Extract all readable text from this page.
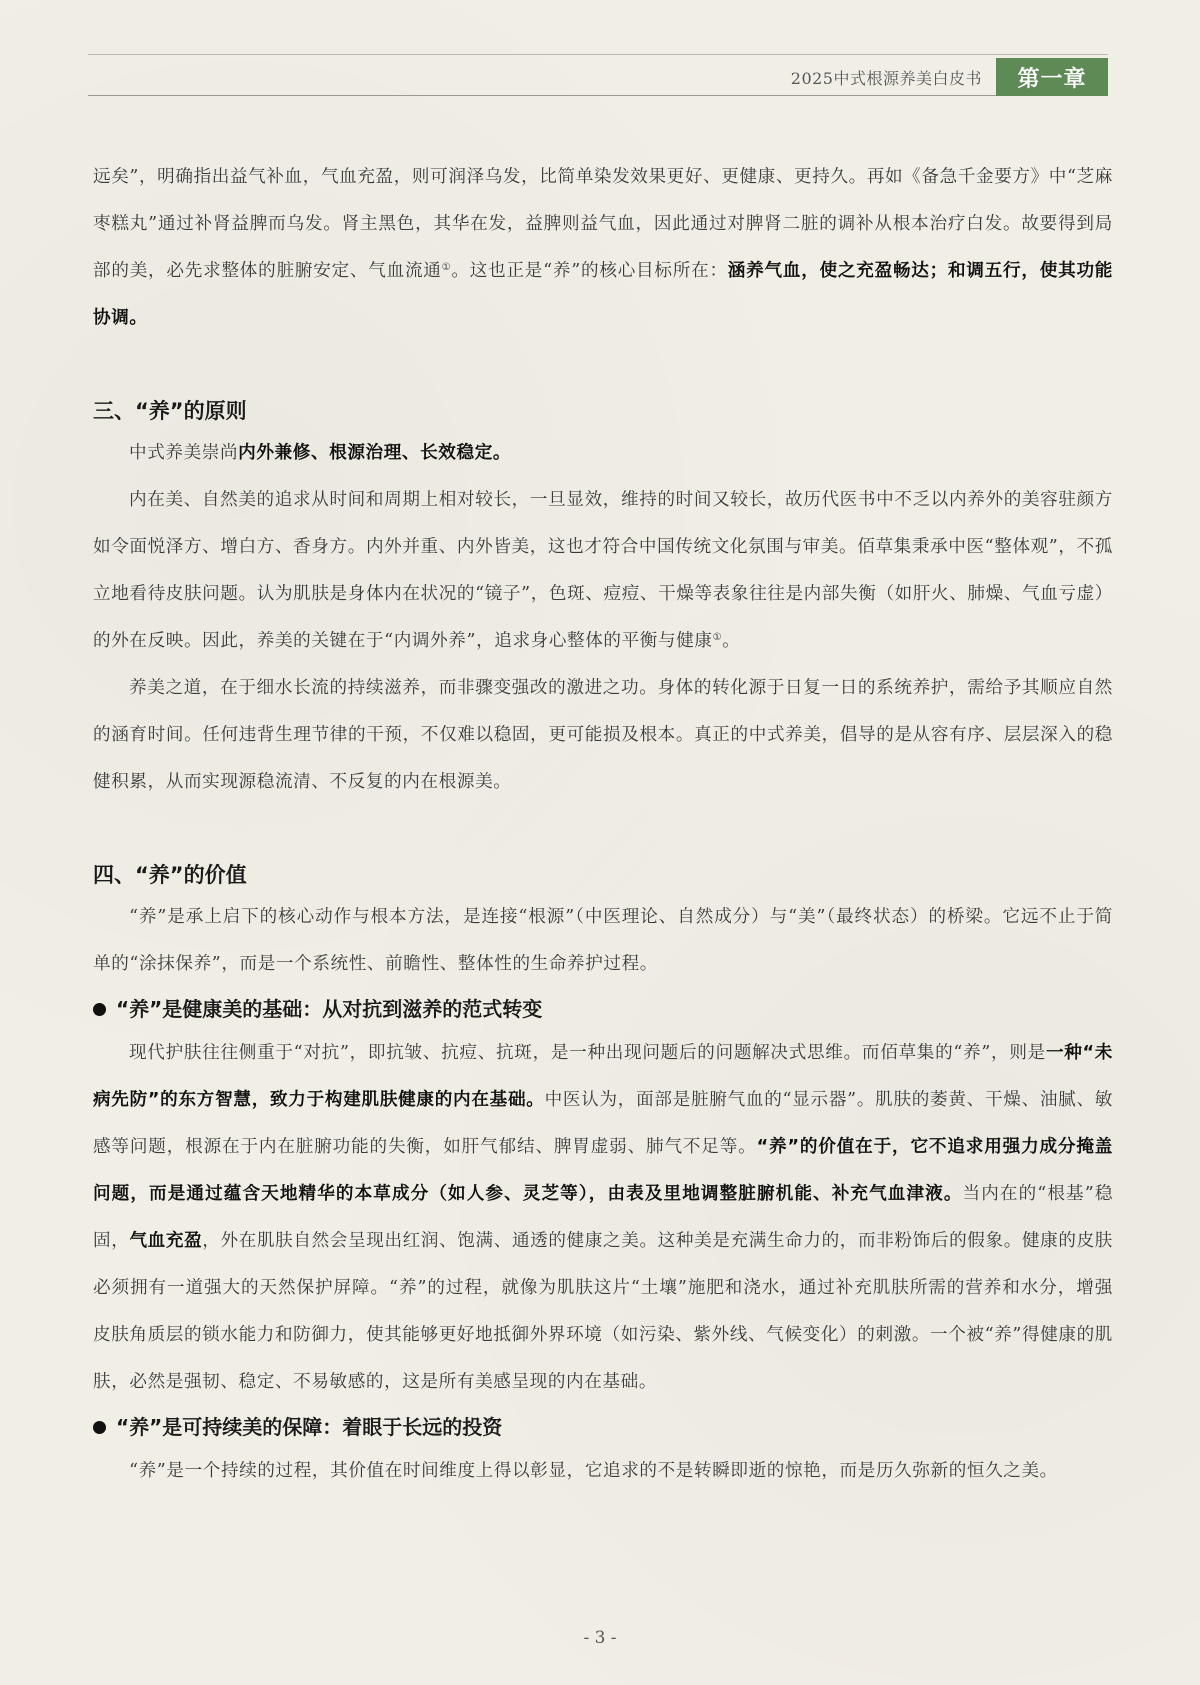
2025中式根源养美白皮书	第一章

远矣”，明确指出益气补血，气血充盈，则可润泽乌发，比简单染发效果更好、更健康、更持久。再如《备急千金要方》中“芝麻枣糕丸”通过补肾益脾而乌发。肾主黑色，其华在发，益脾则益气血，因此通过对脾肾二脏的调补从根本治疗白发。故要得到局部的美，必先求整体的脏腑安定、气血流通①。这也正是“养”的核心目标所在：涵养气血，使之充盈畅达；和调五行，使其功能协调。

三、“养”的原则

中式养美崇尚内外兼修、根源治理、长效稳定。

内在美、自然美的追求从时间和周期上相对较长，一旦显效，维持的时间又较长，故历代医书中不乏以内养外的美容驻颜方如令面悦泽方、增白方、香身方。内外并重、内外皆美，这也才符合中国传统文化氛围与审美。佰草集秉承中医“整体观”，不孤立地看待皮肤问题。认为肌肤是身体内在状况的“镜子”，色斑、痘痘、干燥等表象往往是内部失衡（如肝火、肺燥、气血亏虚）的外在反映。因此，养美的关键在于“内调外养”，追求身心整体的平衡与健康①。

养美之道，在于细水长流的持续滋养，而非骤变强改的激进之功。身体的转化源于日复一日的系统养护，需给予其顺应自然的涵育时间。任何违背生理节律的干预，不仅难以稳固，更可能损及根本。真正的中式养美，倡导的是从容有序、层层深入的稳健积累，从而实现源稳流清、不反复的内在根源美。

四、“养”的价值

“养”是承上启下的核心动作与根本方法，是连接“根源”（中医理论、自然成分）与“美”（最终状态）的桥梁。它远不止于简单的“涂抹保养”，而是一个系统性、前瞻性、整体性的生命养护过程。

“养”是健康美的基础：从对抗到滋养的范式转变

现代护肤往往侧重于“对抗”，即抗皱、抗痘、抗斑，是一种出现问题后的问题解决式思维。而佰草集的“养”，则是一种“未病先防”的东方智慧，致力于构建肌肤健康的内在基础。中医认为，面部是脏腑气血的“显示器”。肌肤的萎黄、干燥、油腻、敏感等问题，根源在于内在脏腑功能的失衡，如肝气郁结、脾胃虚弱、肺气不足等。“养”的价值在于，它不追求用强力成分掩盖问题，而是通过蕴含天地精华的本草成分（如人参、灵芝等），由表及里地调整脏腑机能、补充气血津液。当内在的“根基”稳固，气血充盈，外在肌肤自然会呈现出红润、饱满、通透的健康之美。这种美是充满生命力的，而非粉饰后的假象。健康的皮肤必须拥有一道强大的天然保护屏障。“养”的过程，就像为肌肤这片“土壤”施肥和浇水，通过补充肌肤所需的营养和水分，增强皮肤角质层的锁水能力和防御力，使其能够更好地抵御外界环境（如污染、紫外线、气候变化）的刺激。一个被“养”得健康的肌肤，必然是强韧、稳定、不易敏感的，这是所有美感呈现的内在基础。

“养”是可持续美的保障：着眼于长远的投资

“养”是一个持续的过程，其价值在时间维度上得以彰显，它追求的不是转瞬即逝的惊艳，而是历久弥新的恒久之美。

- 3 -
